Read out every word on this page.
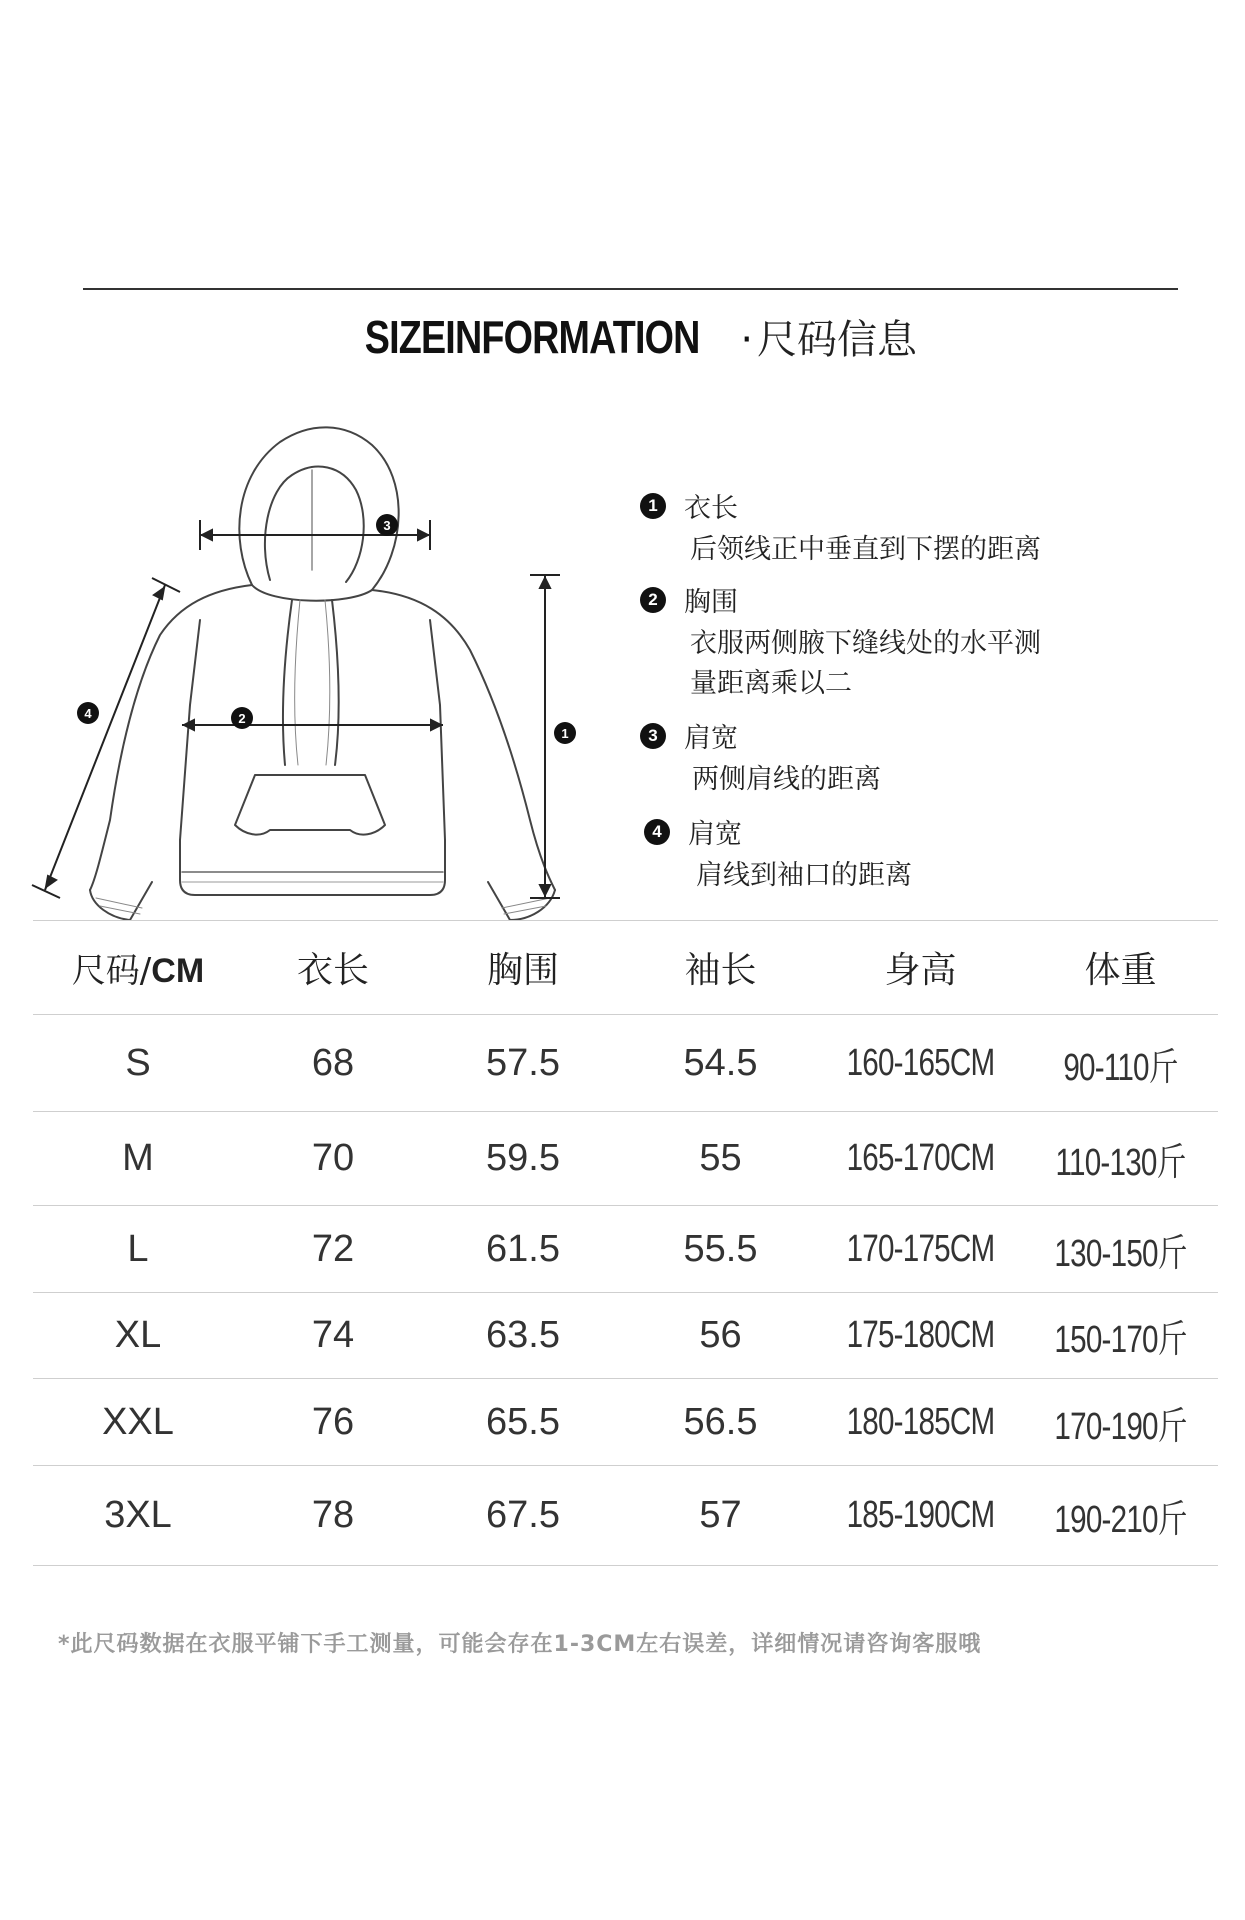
SIZEINFORMATION · 尺码信息
3
2
1
4
1 衣长
后领线正中垂直到下摆的距离
2 胸围
衣服两侧腋下缝线处的水平测
量距离乘以二
3 肩宽
两侧肩线的距离
4 肩宽
肩线到袖口的距离
尺码/CM	衣长	胸围	袖长	身高	体重
S	68	57.5	54.5	160-165CM	90-110斤
M	70	59.5	55	165-170CM	110-130斤
L	72	61.5	55.5	170-175CM	130-150斤
XL	74	63.5	56	175-180CM	150-170斤
XXL	76	65.5	56.5	180-185CM	170-190斤
3XL	78	67.5	57	185-190CM	190-210斤
*此尺码数据在衣服平铺下手工测量，可能会存在1-3CM左右误差，详细情况请咨询客服哦
